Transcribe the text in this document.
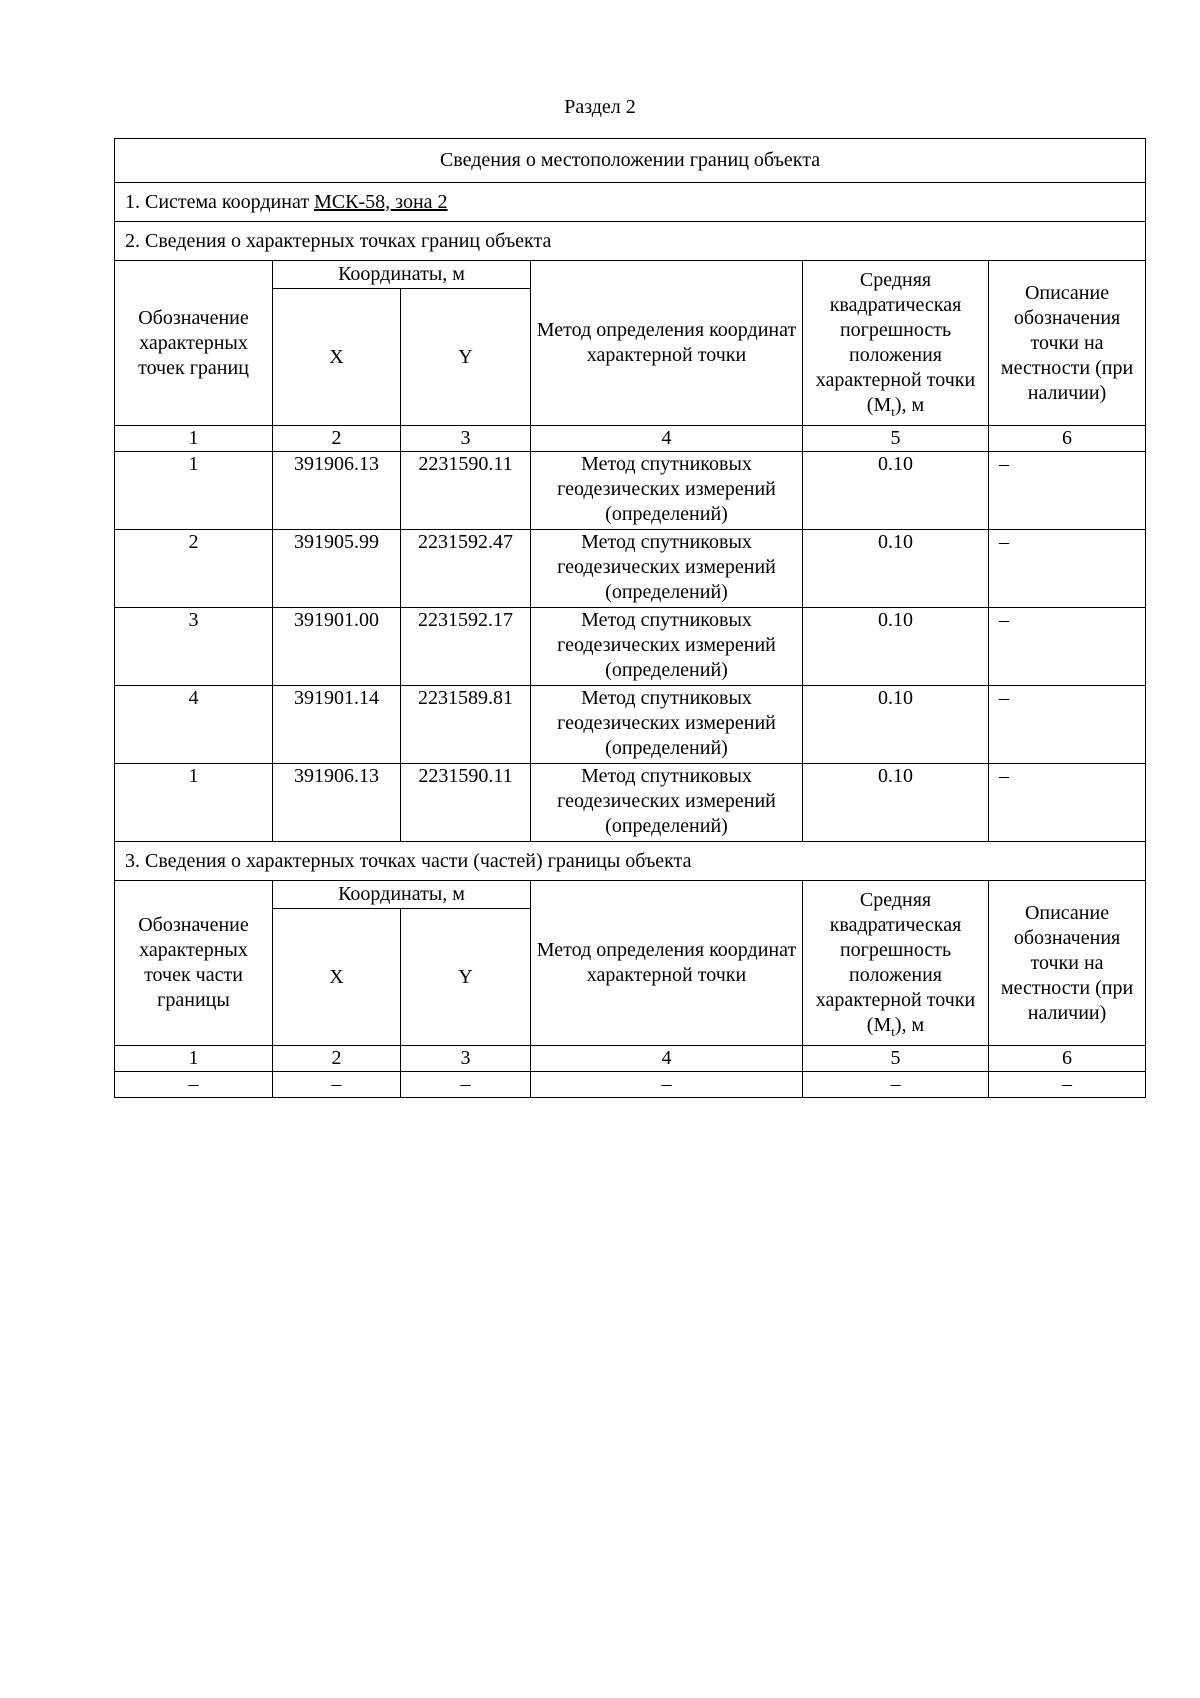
Раздел 2
Сведения о местоположении границ объекта					
1. Система координат МСК-58, зона 2					
2. Сведения о характерных точках границ объекта					
Обозначение характерных точек границ	Координаты, м		Метод определения координат характерной точки	Средняя квадратическая погрешность положения характерной точки $(M_t)$, м	Описание обозначения точки на местности (при наличии)
	X	Y			
1	2	3	4	5	6
1	391906.13	2231590.11	Метод спутниковых геодезических измерений (определений)	0.10	–
2	391905.99	2231592.47	Метод спутниковых геодезических измерений (определений)	0.10	–
3	391901.00	2231592.17	Метод спутниковых геодезических измерений (определений)	0.10	–
4	391901.14	2231589.81	Метод спутниковых геодезических измерений (определений)	0.10	–
1	391906.13	2231590.11	Метод спутниковых геодезических измерений (определений)	0.10	–
3. Сведения о характерных точках части (частей) границы объекта					
Обозначение характерных точек части границы	Координаты, м		Метод определения координат характерной точки	Средняя квадратическая погрешность положения характерной точки $(M_t)$, м	Описание обозначения точки на местности (при наличии)
	X	Y			
1	2	3	4	5	6
–	–	–	–	–	–
